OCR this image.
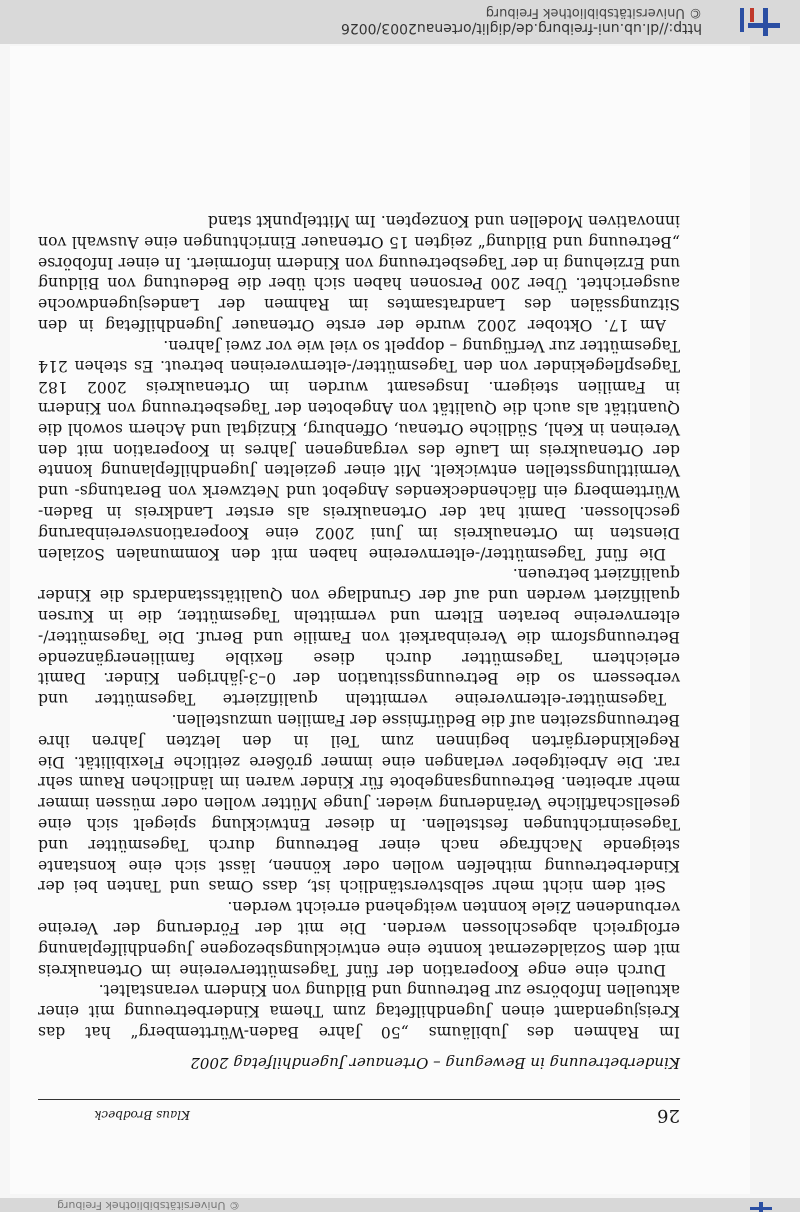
© Universitätsbibliothek Freiburg
26
Klaus Brodbeck
Kinderbetreuung in Bewegung – Ortenauer Jugendhilfetag 2002

Im Rahmen des Jubiläums „50 Jahre Baden-Württemberg“ hat das Kreisjugendamt einen Jugendhilfetag zum Thema Kinderbetreuung mit einer aktuellen Infobörse zur Betreuung und Bildung von Kindern veranstaltet.

Durch eine enge Kooperation der fünf Tagesmüttervereine im Ortenaukreis mit dem Sozialdezernat konnte eine entwicklungsbezogene Jugendhilfeplanung erfolgreich abgeschlossen werden. Die mit der Förderung der Vereine verbundenen Ziele konnten weitgehend erreicht werden.

Seit dem nicht mehr selbstverständlich ist, dass Omas und Tanten bei der Kinderbetreuung mithelfen wollen oder können, lässt sich eine konstante steigende Nachfrage nach einer Betreuung durch Tagesmütter und Tageseinrichtungen feststellen. In dieser Entwicklung spiegelt sich eine gesellschaftliche Veränderung wieder. Junge Mütter wollen oder müssen immer mehr arbeiten. Betreuungsangebote für Kinder waren im ländlichen Raum sehr rar. Die Arbeitgeber verlangen eine immer größere zeitliche Flexibilität. Die Regelkindergärten beginnen zum Teil in den letzten Jahren ihre Betreuungszeiten auf die Bedürfnisse der Familien umzustellen.

Tagesmütter-elternvereine vermitteln qualifizierte Tagesmütter und verbessern so die Betreuungssituation der 0–3-jährigen Kinder. Damit erleichtern Tagesmütter durch diese flexible familienergänzende Betreuungsform die Vereinbarkeit von Familie und Beruf. Die Tagesmütter/-elternvereine beraten Eltern und vermitteln Tagesmütter, die in Kursen qualifiziert werden und auf der Grundlage von Qualitätsstandards die Kinder qualifiziert betreuen.

Die fünf Tagesmütter/-elternvereine haben mit den Kommunalen Sozialen Diensten im Ortenaukreis im Juni 2002 eine Kooperationsvereinbarung geschlossen. Damit hat der Ortenaukreis als erster Landkreis in Baden-Württemberg ein flächendeckendes Angebot und Netzwerk von Beratungs- und Vermittlungsstellen entwickelt. Mit einer gezielten Jugendhilfeplanung konnte der Ortenaukreis im Laufe des vergangenen Jahres in Kooperation mit den Vereinen in Kehl, Südliche Ortenau, Offenburg, Kinzigtal und Achern sowohl die Quantität als auch die Qualität von Angeboten der Tagesbetreuung von Kindern in Familien steigern. Insgesamt wurden im Ortenaukreis 2002 182 Tagespflegekinder von den Tagesmütter/-elternvereinen betreut. Es stehen 214 Tagesmütter zur Verfügung – doppelt so viel wie vor zwei Jahren.

Am 17. Oktober 2002 wurde der erste Ortenauer Jugendhilfetag in den Sitzungssälen des Landratsamtes im Rahmen der Landesjugendwoche ausgerichtet. Über 200 Personen haben sich über die Bedeutung von Bildung und Erziehung in der Tagesbetreuung von Kindern informiert. In einer Infobörse „Betreuung und Bildung“ zeigten 15 Ortenauer Einrichtungen eine Auswahl von innovativen Modellen und Konzepten. Im Mittelpunkt stand

http://dl.ub.uni-freiburg.de/diglit/ortenau2003/0026
© Universitätsbibliothek Freiburg
